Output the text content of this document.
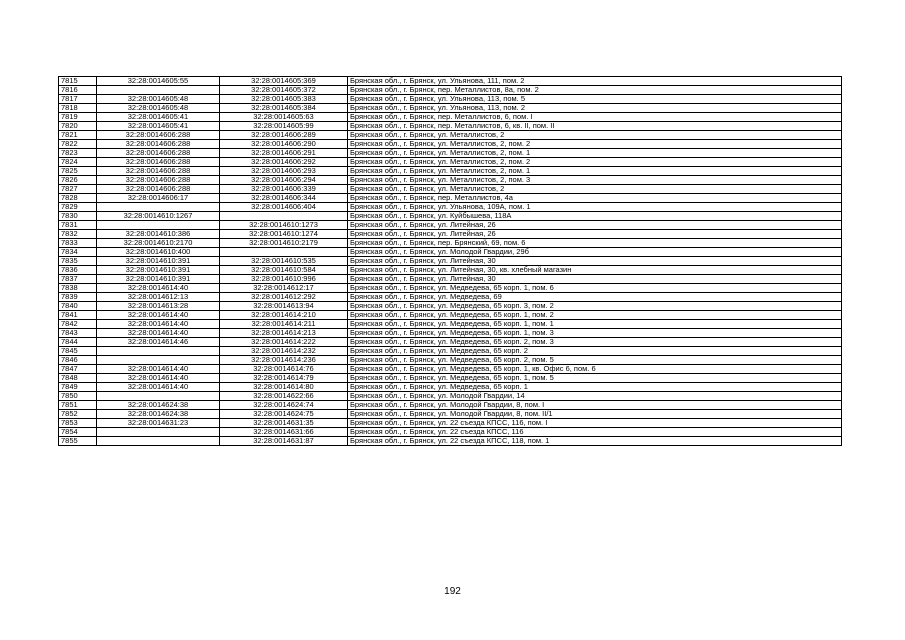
7815	32:28:0014605:55	32:28:0014605:369	Брянская обл., г. Брянск, ул. Ульянова, 111, пом. 2
7816		32:28:0014605:372	Брянская обл., г. Брянск, пер. Металлистов, 8а, пом. 2
7817	32:28:0014605:48	32:28:0014605:383	Брянская обл., г. Брянск, ул. Ульянова, 113, пом. 5
7818	32:28:0014605:48	32:28:0014605:384	Брянская обл., г. Брянск, ул. Ульянова, 113, пом. 2
7819	32:28:0014605:41	32:28:0014605:63	Брянская обл., г. Брянск, пер. Металлистов, 6, пом. I
7820	32:28:0014605:41	32:28:0014605:99	Брянская обл., г. Брянск, пер. Металлистов, 6, кв. II, пом. II
7821	32:28:0014606:288	32:28:0014606:289	Брянская обл., г. Брянск, ул. Металлистов, 2
7822	32:28:0014606:288	32:28:0014606:290	Брянская обл., г. Брянск, ул. Металлистов, 2, пом. 2
7823	32:28:0014606:288	32:28:0014606:291	Брянская обл., г. Брянск, ул. Металлистов, 2, пом. 1
7824	32:28:0014606:288	32:28:0014606:292	Брянская обл., г. Брянск, ул. Металлистов, 2, пом. 2
7825	32:28:0014606:288	32:28:0014606:293	Брянская обл., г. Брянск, ул. Металлистов, 2, пом. 1
7826	32:28:0014606:288	32:28:0014606:294	Брянская обл., г. Брянск, ул. Металлистов, 2, пом. 3
7827	32:28:0014606:288	32:28:0014606:339	Брянская обл., г. Брянск, ул. Металлистов, 2
7828	32:28:0014606:17	32:28:0014606:344	Брянская обл., г. Брянск, пер. Металлистов, 4а
7829		32:28:0014606:404	Брянская обл., г. Брянск, ул. Ульянова, 109А, пом. 1
7830	32:28:0014610:1267		Брянская обл., г. Брянск, ул. Куйбышева, 118А
7831		32:28:0014610:1273	Брянская обл., г. Брянск, ул. Литейная, 26
7832	32:28:0014610:386	32:28:0014610:1274	Брянская обл., г. Брянск, ул. Литейная, 26
7833	32:28:0014610:2170	32:28:0014610:2179	Брянская обл., г. Брянск, пер. Брянский, 69, пом. 6
7834	32:28:0014610:400		Брянская обл., г. Брянск, ул. Молодой Гвардии, 29б
7835	32:28:0014610:391	32:28:0014610:535	Брянская обл., г. Брянск, ул. Литейная, 30
7836	32:28:0014610:391	32:28:0014610:584	Брянская обл., г. Брянск, ул. Литейная, 30, кв. хлебный магазин
7837	32:28:0014610:391	32:28:0014610:996	Брянская обл., г. Брянск, ул. Литейная, 30
7838	32:28:0014614:40	32:28:0014612:17	Брянская обл., г. Брянск, ул. Медведева, 65 корп. 1, пом. 6
7839	32:28:0014612:13	32:28:0014612:292	Брянская обл., г. Брянск, ул. Медведева, 69
7840	32:28:0014613:28	32:28:0014613:94	Брянская обл., г. Брянск, ул. Медведева, 65 корп. 3, пом. 2
7841	32:28:0014614:40	32:28:0014614:210	Брянская обл., г. Брянск, ул. Медведева, 65 корп. 1, пом. 2
7842	32:28:0014614:40	32:28:0014614:211	Брянская обл., г. Брянск, ул. Медведева, 65 корп. 1, пом. 1
7843	32:28:0014614:40	32:28:0014614:213	Брянская обл., г. Брянск, ул. Медведева, 65 корп. 1, пом. 3
7844	32:28:0014614:46	32:28:0014614:222	Брянская обл., г. Брянск, ул. Медведева, 65 корп. 2, пом. 3
7845		32:28:0014614:232	Брянская обл., г. Брянск, ул. Медведева, 65 корп. 2
7846		32:28:0014614:236	Брянская обл., г. Брянск, ул. Медведева, 65 корп. 2, пом. 5
7847	32:28:0014614:40	32:28:0014614:76	Брянская обл., г. Брянск, ул. Медведева, 65 корп. 1, кв. Офис 6, пом. 6
7848	32:28:0014614:40	32:28:0014614:79	Брянская обл., г. Брянск, ул. Медведева, 65 корп. 1, пом. 5
7849	32:28:0014614:40	32:28:0014614:80	Брянская обл., г. Брянск, ул. Медведева, 65 корп. 1
7850		32:28:0014622:66	Брянская обл., г. Брянск, ул. Молодой Гвардии, 14
7851	32:28:0014624:38	32:28:0014624:74	Брянская обл., г. Брянск, ул. Молодой Гвардии, 8, пом. I
7852	32:28:0014624:38	32:28:0014624:75	Брянская обл., г. Брянск, ул. Молодой Гвардии, 8, пом. II/1
7853	32:28:0014631:23	32:28:0014631:35	Брянская обл., г. Брянск, ул. 22 съезда КПСС, 116, пом. I
7854		32:28:0014631:66	Брянская обл., г. Брянск, ул. 22 съезда КПСС, 116
7855		32:28:0014631:87	Брянская обл., г. Брянск, ул. 22 съезда КПСС, 118, пом. 1
192
